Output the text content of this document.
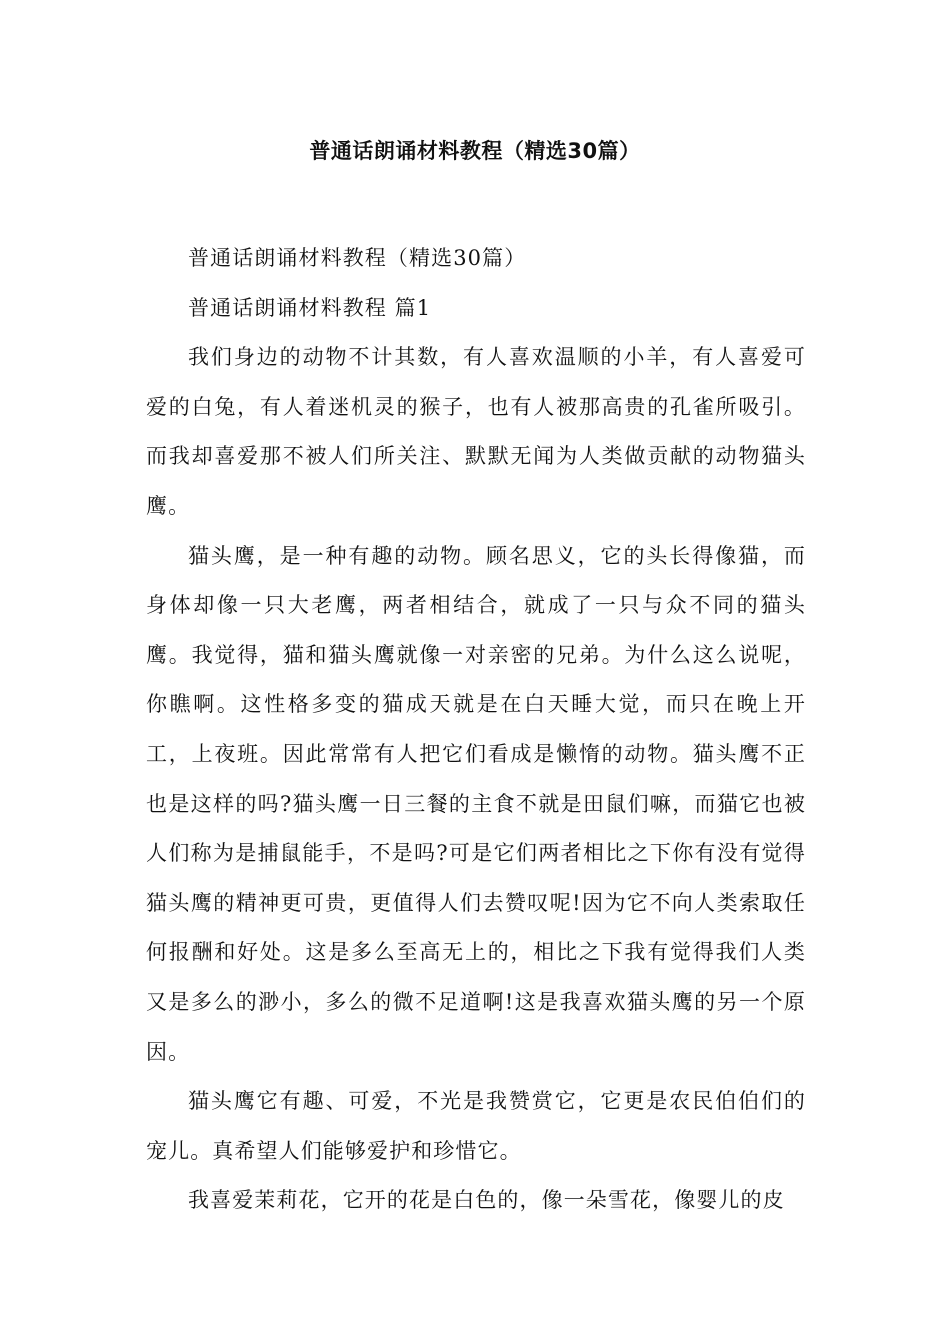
普通话朗诵材料教程（精选30篇）

普通话朗诵材料教程（精选30篇）

普通话朗诵材料教程 篇1

我们身边的动物不计其数，有人喜欢温顺的小羊，有人喜爱可爱的白兔，有人着迷机灵的猴子，也有人被那高贵的孔雀所吸引。而我却喜爱那不被人们所关注、默默无闻为人类做贡献的动物猫头鹰。

猫头鹰，是一种有趣的动物。顾名思义，它的头长得像猫，而身体却像一只大老鹰，两者相结合，就成了一只与众不同的猫头鹰。我觉得，猫和猫头鹰就像一对亲密的兄弟。为什么这么说呢，你瞧啊。这性格多变的猫成天就是在白天睡大觉，而只在晚上开工，上夜班。因此常常有人把它们看成是懒惰的动物。猫头鹰不正也是这样的吗?猫头鹰一日三餐的主食不就是田鼠们嘛，而猫它也被人们称为是捕鼠能手，不是吗?可是它们两者相比之下你有没有觉得猫头鹰的精神更可贵，更值得人们去赞叹呢!因为它不向人类索取任何报酬和好处。这是多么至高无上的，相比之下我有觉得我们人类又是多么的渺小，多么的微不足道啊!这是我喜欢猫头鹰的另一个原因。

猫头鹰它有趣、可爱，不光是我赞赏它，它更是农民伯伯们的宠儿。真希望人们能够爱护和珍惜它。

我喜爱茉莉花，它开的花是白色的，像一朵雪花，像婴儿的皮
